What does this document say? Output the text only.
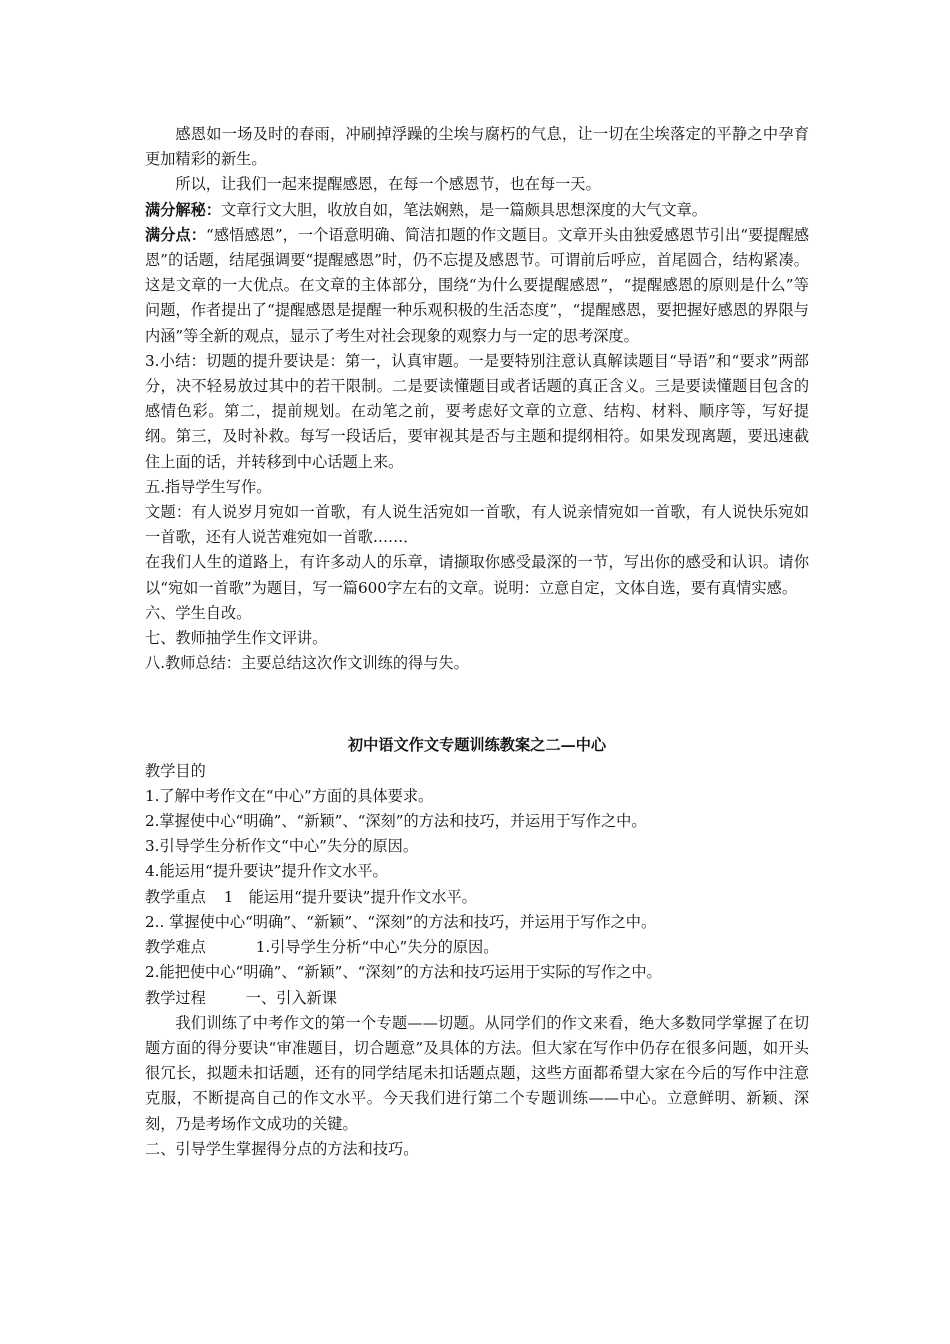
感恩如一场及时的春雨，冲刷掉浮躁的尘埃与腐朽的气息，让一切在尘埃落定的平静之中孕育更加精彩的新生。

所以，让我们一起来提醒感恩，在每一个感恩节，也在每一天。

满分解秘：文章行文大胆，收放自如，笔法娴熟，是一篇颇具思想深度的大气文章。

满分点：“感悟感恩”，一个语意明确、简洁扣题的作文题目。文章开头由独爱感恩节引出“要提醒感恩”的话题，结尾强调要“提醒感恩”时，仍不忘提及感恩节。可谓前后呼应，首尾圆合，结构紧凑。这是文章的一大优点。在文章的主体部分，围绕“为什么要提醒感恩”，“提醒感恩的原则是什么”等问题，作者提出了“提醒感恩是提醒一种乐观积极的生活态度”，“提醒感恩，要把握好感恩的界限与内涵”等全新的观点，显示了考生对社会现象的观察力与一定的思考深度。

3.小结：切题的提升要诀是：第一，认真审题。一是要特别注意认真解读题目“导语”和“要求”两部分，决不轻易放过其中的若干限制。二是要读懂题目或者话题的真正含义。三是要读懂题目包含的感情色彩。第二，提前规划。在动笔之前，要考虑好文章的立意、结构、材料、顺序等，写好提纲。第三，及时补救。每写一段话后，要审视其是否与主题和提纲相符。如果发现离题，要迅速截住上面的话，并转移到中心话题上来。

五.指导学生写作。

文题：有人说岁月宛如一首歌，有人说生活宛如一首歌，有人说亲情宛如一首歌，有人说快乐宛如一首歌，还有人说苦难宛如一首歌……．

在我们人生的道路上，有许多动人的乐章，请撷取你感受最深的一节，写出你的感受和认识。请你以“宛如一首歌”为题目，写一篇600字左右的文章。说明：立意自定，文体自选，要有真情实感。

六、学生自改。

七、教师抽学生作文评讲。

八.教师总结：主要总结这次作文训练的得与失。

初中语文作文专题训练教案之二—中心

教学目的

1.了解中考作文在“中心”方面的具体要求。

2.掌握使中心“明确”、“新颖”、“深刻”的方法和技巧，并运用于写作之中。

3.引导学生分析作文“中心”失分的原因。

4.能运用“提升要诀”提升作文水平。

教学重点 1　能运用“提升要诀”提升作文水平。

2.. 掌握使中心“明确”、“新颖”、“深刻”的方法和技巧，并运用于写作之中。

教学难点	1.引导学生分析“中心”失分的原因。

2.能把使中心“明确”、“新颖”、“深刻”的方法和技巧运用于实际的写作之中。

教学过程	一、引入新课

我们训练了中考作文的第一个专题——切题。从同学们的作文来看，绝大多数同学掌握了在切题方面的得分要诀“审准题目，切合题意”及具体的方法。但大家在写作中仍存在很多问题，如开头很冗长，拟题未扣话题，还有的同学结尾未扣话题点题，这些方面都希望大家在今后的写作中注意克服，不断提高自己的作文水平。今天我们进行第二个专题训练——中心。立意鲜明、新颖、深刻，乃是考场作文成功的关键。

二、引导学生掌握得分点的方法和技巧。
